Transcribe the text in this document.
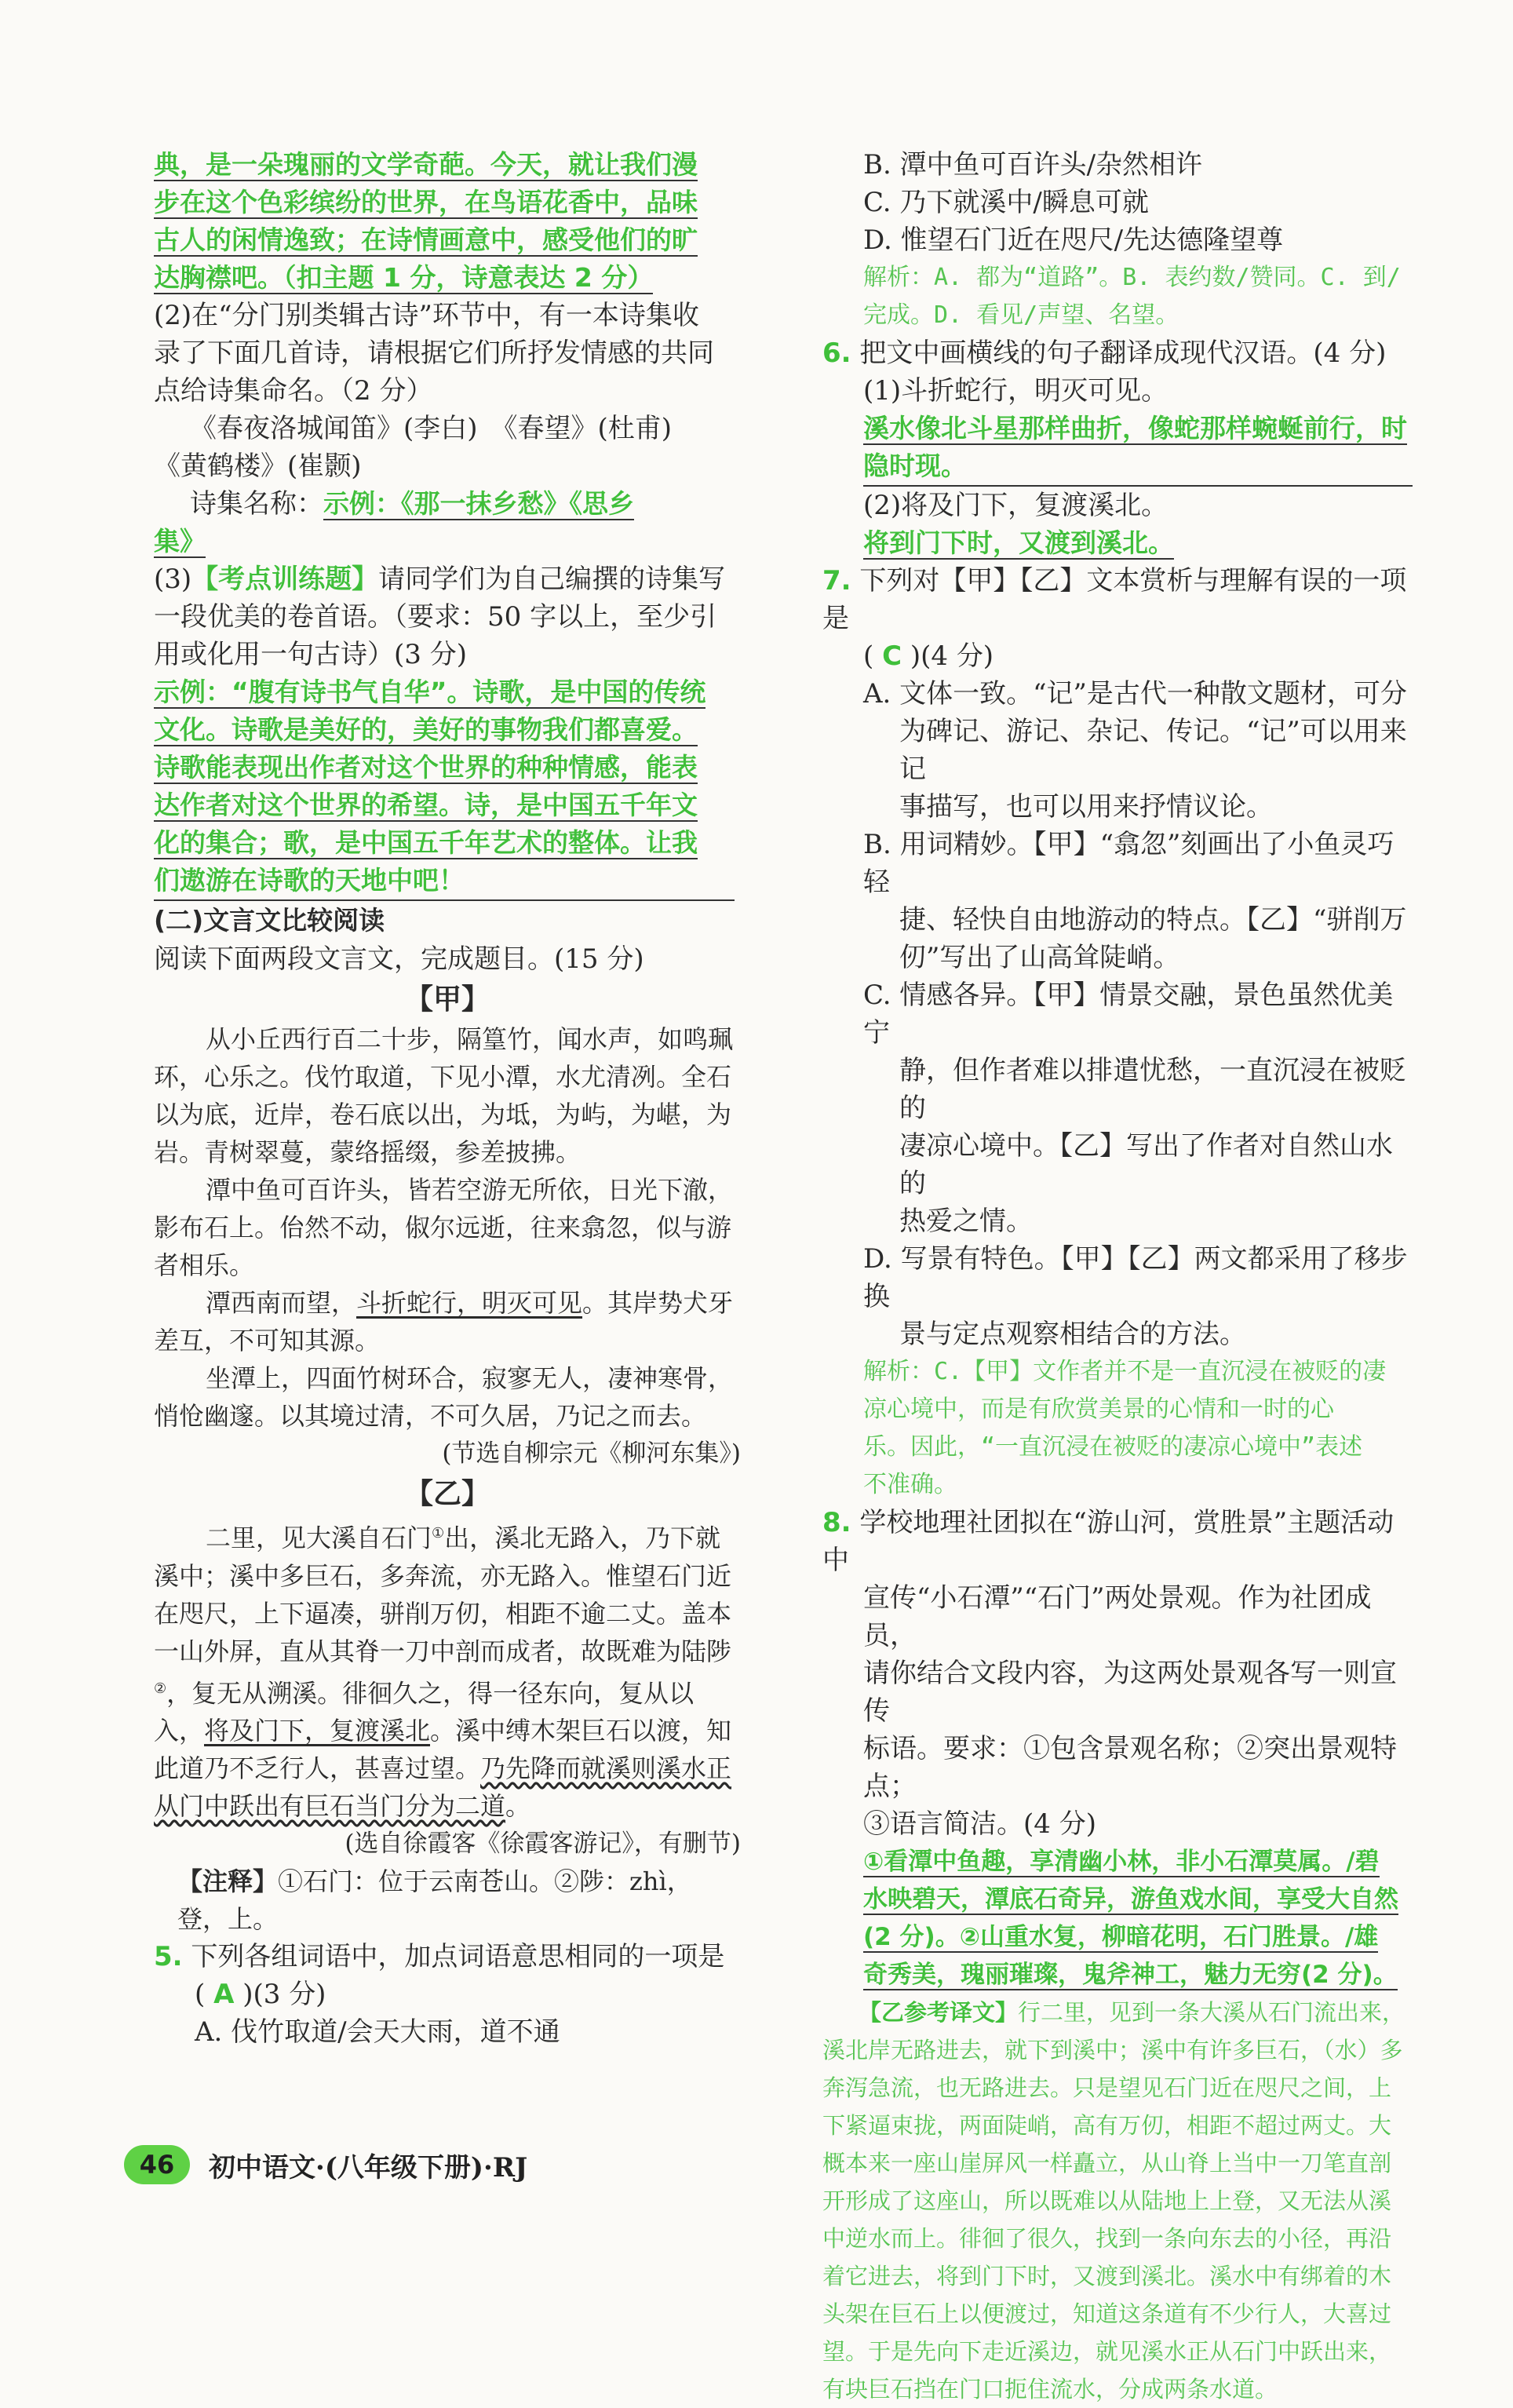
典，是一朵瑰丽的文学奇葩。今天，就让我们漫
步在这个色彩缤纷的世界，在鸟语花香中，品味
古人的闲情逸致；在诗情画意中，感受他们的旷
达胸襟吧。（扣主题 1 分，诗意表达 2 分）

(2)在“分门别类辑古诗”环节中，有一本诗集收

录了下面几首诗，请根据它们所抒发情感的共同

点给诗集命名。（2 分）

《春夜洛城闻笛》(李白)　《春望》(杜甫)

《黄鹤楼》(崔颢)

诗集名称：示例：《那一抹乡愁》《思乡

集》

(3)【考点训练题】请同学们为自己编撰的诗集写

一段优美的卷首语。（要求：50 字以上，至少引

用或化用一句古诗）(3 分)

示例：“腹有诗书气自华”。诗歌，是中国的传统
文化。诗歌是美好的，美好的事物我们都喜爱。
诗歌能表现出作者对这个世界的种种情感，能表
达作者对这个世界的希望。诗，是中国五千年文
化的集合；歌，是中国五千年艺术的整体。让我
们遨游在诗歌的天地中吧！
(二)文言文比较阅读

阅读下面两段文言文，完成题目。(15 分)

【甲】

从小丘西行百二十步，隔篁竹，闻水声，如鸣珮环，心乐之。伐竹取道，下见小潭，水尤清冽。全石以为底，近岸，卷石底以出，为坻，为屿，为嵁，为岩。青树翠蔓，蒙络摇缀，参差披拂。

潭中鱼可百许头，皆若空游无所依，日光下澈，影布石上。佁然不动，俶尔远逝，往来翕忽，似与游者相乐。

潭西南而望，斗折蛇行，明灭可见。其岸势犬牙差互，不可知其源。

坐潭上，四面竹树环合，寂寥无人，凄神寒骨，悄怆幽邃。以其境过清，不可久居，乃记之而去。

(节选自柳宗元《柳河东集》)
【乙】

二里，见大溪自石门①出，溪北无路入，乃下就溪中；溪中多巨石，多奔流，亦无路入。惟望石门近在咫尺，上下逼凑，骈削万仞，相距不逾二丈。盖本一山外屏，直从其脊一刀中剖而成者，故既难为陆陟②，复无从溯溪。徘徊久之，得一径东向，复从以入，将及门下，复渡溪北。溪中缚木架巨石以渡，知此道乃不乏行人，甚喜过望。乃先降而就溪则溪水正从门中跃出有巨石当门分为二道。

(选自徐霞客《徐霞客游记》，有删节)

【注释】①石门：位于云南苍山。②陟：zhì，登，上。

5. 下列各组词语中，加点词语意思相同的一项是

( A )(3 分)

A. 伐竹取道/会天大雨，道不通

B. 潭中鱼可百许头/杂然相许

C. 乃下就溪中/瞬息可就

D. 惟望石门近在咫尺/先达德隆望尊

解析：A. 都为“道路”。B. 表约数/赞同。C. 到/
完成。D. 看见/声望、名望。

6. 把文中画横线的句子翻译成现代汉语。(4 分)

(1)斗折蛇行，明灭可见。

溪水像北斗星那样曲折，像蛇那样蜿蜒前行，时
隐时现。

(2)将及门下，复渡溪北。

将到门下时，又渡到溪北。

7. 下列对【甲】【乙】文本赏析与理解有误的一项是

( C )(4 分)

A. 文体一致。“记”是古代一种散文题材，可分

为碑记、游记、杂记、传记。“记”可以用来记

事描写，也可以用来抒情议论。

B. 用词精妙。【甲】“翕忽”刻画出了小鱼灵巧轻

捷、轻快自由地游动的特点。【乙】“骈削万

仞”写出了山高耸陡峭。

C. 情感各异。【甲】情景交融，景色虽然优美宁

静，但作者难以排遣忧愁，一直沉浸在被贬的

凄凉心境中。【乙】写出了作者对自然山水的

热爱之情。

D. 写景有特色。【甲】【乙】两文都采用了移步换

景与定点观察相结合的方法。

解析：C.【甲】文作者并不是一直沉浸在被贬的凄
凉心境中，而是有欣赏美景的心情和一时的心
乐。因此，“一直沉浸在被贬的凄凉心境中”表述
不准确。

8. 学校地理社团拟在“游山河，赏胜景”主题活动中

宣传“小石潭”“石门”两处景观。作为社团成员，

请你结合文段内容，为这两处景观各写一则宣传

标语。要求：①包含景观名称；②突出景观特点；

③语言简洁。(4 分)

①看潭中鱼趣，享清幽小林，非小石潭莫属。/碧
水映碧天，潭底石奇异，游鱼戏水间，享受大自然
(2 分)。②山重水复，柳暗花明，石门胜景。/雄
奇秀美，瑰丽璀璨，鬼斧神工，魅力无穷(2 分)。

【乙参考译文】行二里，见到一条大溪从石门流出来，溪北岸无路进去，就下到溪中；溪中有许多巨石，（水）多奔泻急流，也无路进去。只是望见石门近在咫尺之间，上下紧逼束拢，两面陡峭，高有万仞，相距不超过两丈。大概本来一座山崖屏风一样矗立，从山脊上当中一刀笔直剖开形成了这座山，所以既难以从陆地上上登，又无法从溪中逆水而上。徘徊了很久，找到一条向东去的小径，再沿着它进去，将到门下时，又渡到溪北。溪水中有绑着的木头架在巨石上以便渡过，知道这条道有不少行人，大喜过望。于是先向下走近溪边，就见溪水正从石门中跃出来，有块巨石挡在门口扼住流水，分成两条水道。

46	初中语文·(八年级下册)·RJ
